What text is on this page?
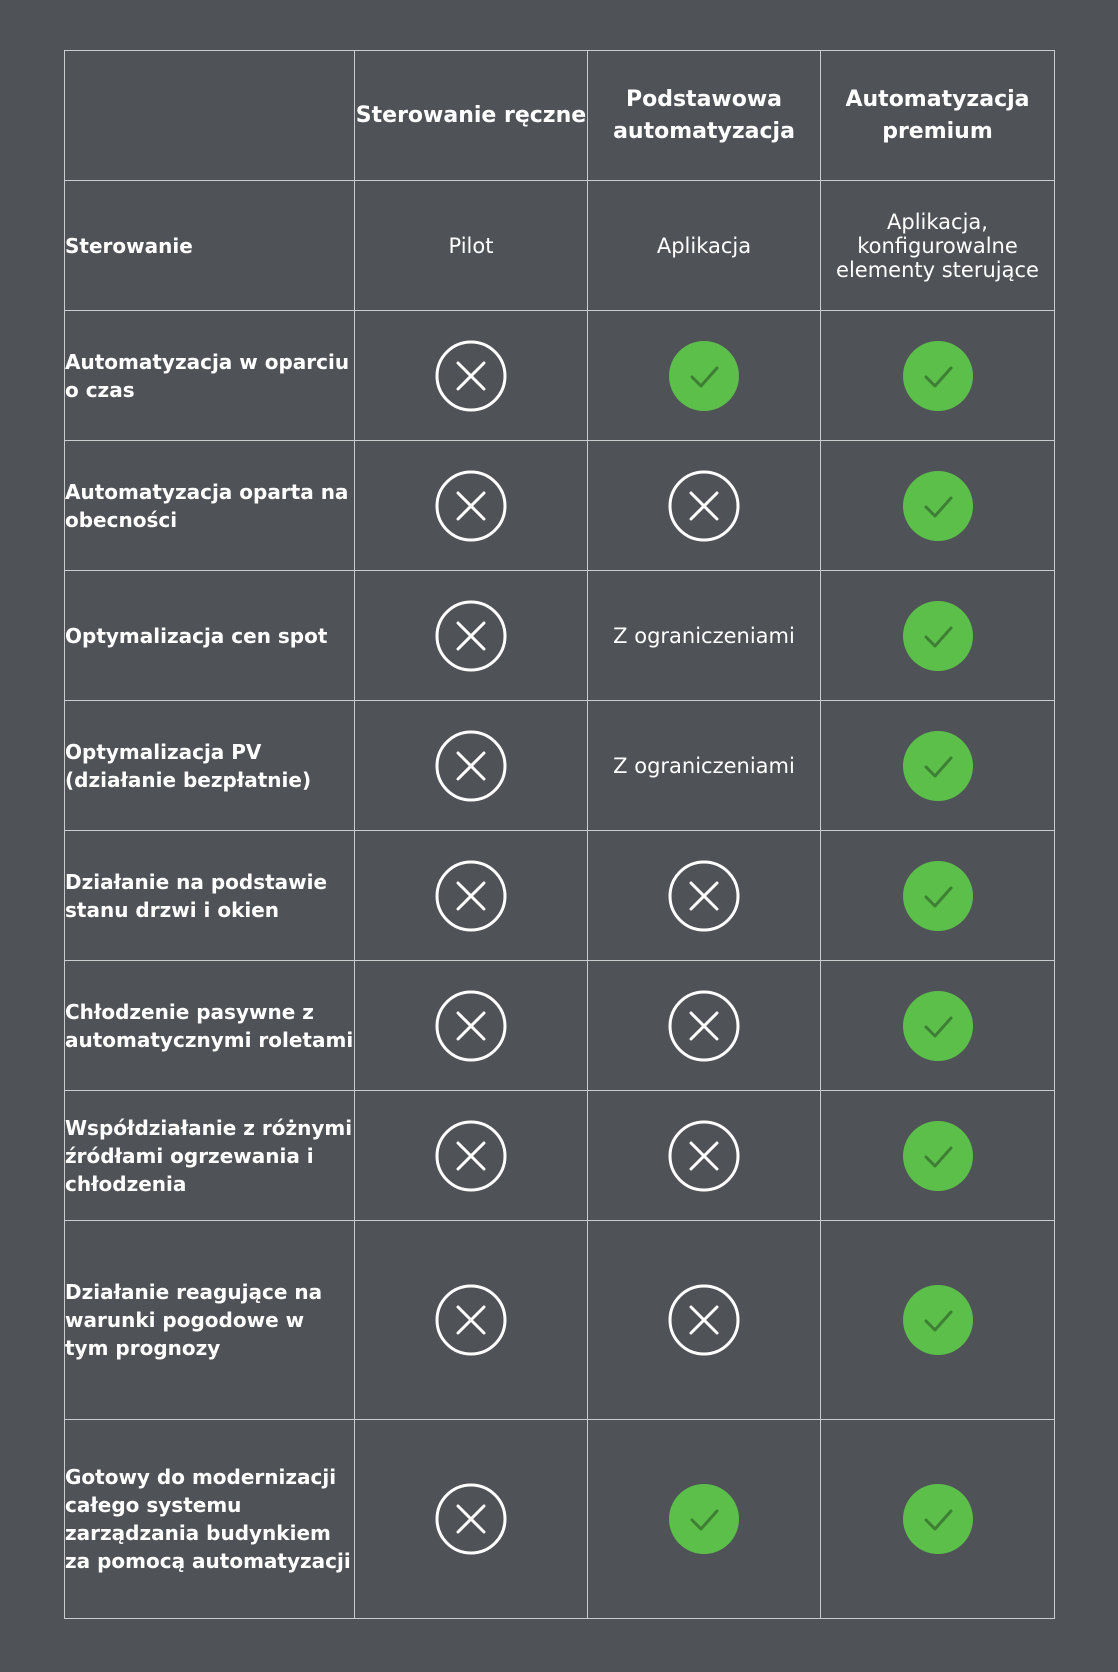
	Sterowanie ręczne	Podstawowa automatyzacja	Automatyzacja premium
Sterowanie	Pilot	Aplikacja	Aplikacja, konfigurowalne elementy sterujące
Automatyzacja w oparciu o czas	

Automatyzacja oparta na obecności	

Optymalizacja cen spot		Z ograniczeniami	

Optymalizacja PV (działanie bezpłatnie)		Z ograniczeniami	

Działanie na podstawie stanu drzwi i okien	

Chłodzenie pasywne z automatycznymi roletami	

Współdziałanie z różnymi źródłami ogrzewania i chłodzenia	

Działanie reagujące na warunki pogodowe w tym prognozy	

Gotowy do modernizacji całego systemu zarządzania budynkiem za pomocą automatyzacji	
